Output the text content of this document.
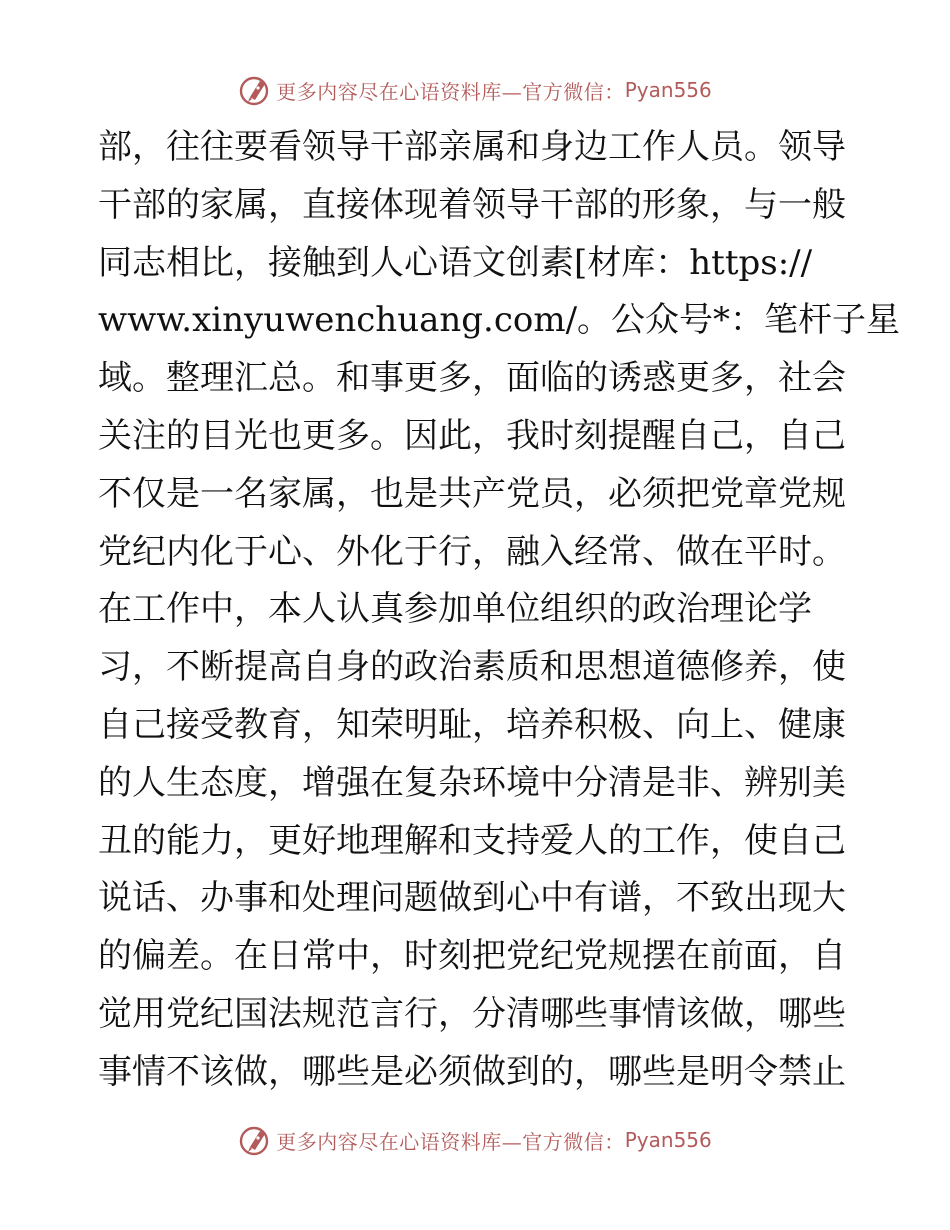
更多内容尽在心语资料库—官方微信： Pyan556
部，往往要看领导干部亲属和身边工作人员。领导
干部的家属，直接体现着领导干部的形象，与一般
同志相比，接触到人心语文创素[材库：https://
www.xinyuwenchuang.com/。公众号*：笔杆子星
域。整理汇总。和事更多，面临的诱惑更多，社会
关注的目光也更多。因此，我时刻提醒自己，自己
不仅是一名家属，也是共产党员，必须把党章党规
党纪内化于心、外化于行，融入经常、做在平时。
在工作中，本人认真参加单位组织的政治理论学
习，不断提高自身的政治素质和思想道德修养，使
自己接受教育，知荣明耻，培养积极、向上、健康
的人生态度，增强在复杂环境中分清是非、辨别美
丑的能力，更好地理解和支持爱人的工作，使自己
说话、办事和处理问题做到心中有谱，不致出现大
的偏差。在日常中，时刻把党纪党规摆在前面，自
觉用党纪国法规范言行，分清哪些事情该做，哪些
事情不该做，哪些是必须做到的，哪些是明令禁止
更多内容尽在心语资料库—官方微信： Pyan556
